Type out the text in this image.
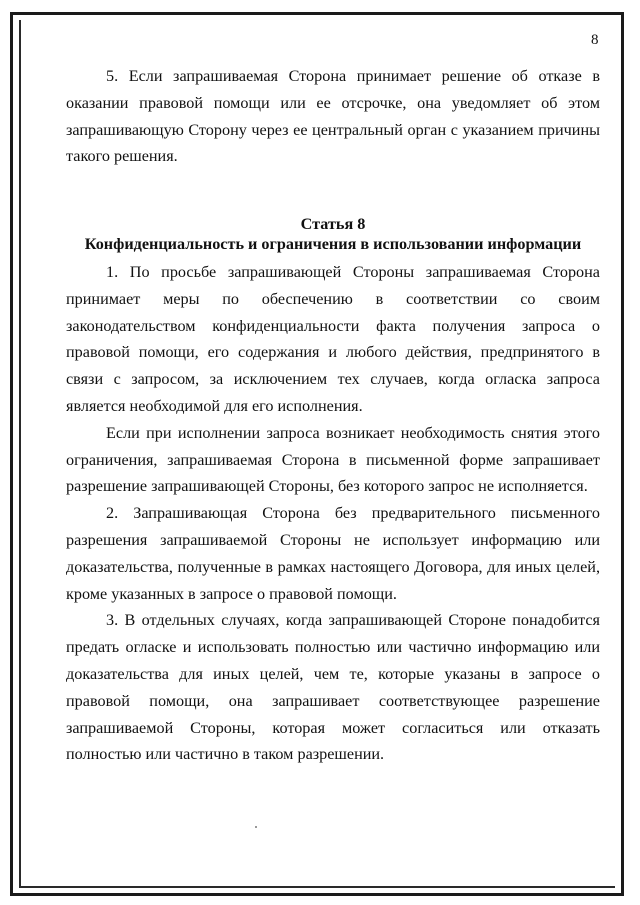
8

5. Если запрашиваемая Сторона принимает решение об отказе в оказании правовой помощи или ее отсрочке, она уведомляет об этом запрашивающую Сторону через ее центральный орган с указанием причины такого решения.

Статья 8
Конфиденциальность и ограничения в использовании информации

1. По просьбе запрашивающей Стороны запрашиваемая Сторона принимает меры по обеспечению в соответствии со своим законодательством конфиденциальности факта получения запроса о правовой помощи, его содержания и любого действия, предпринятого в связи с запросом, за исключением тех случаев, когда огласка запроса является необходимой для его исполнения.

Если при исполнении запроса возникает необходимость снятия этого ограничения, запрашиваемая Сторона в письменной форме запрашивает разрешение запрашивающей Стороны, без которого запрос не исполняется.

2. Запрашивающая Сторона без предварительного письменного разрешения запрашиваемой Стороны не использует информацию или доказательства, полученные в рамках настоящего Договора, для иных целей, кроме указанных в запросе о правовой помощи.

3. В отдельных случаях, когда запрашивающей Стороне понадобится предать огласке и использовать полностью или частично информацию или доказательства для иных целей, чем те, которые указаны в запросе о правовой помощи, она запрашивает соответствующее разрешение запрашиваемой Стороны, которая может согласиться или отказать полностью или частично в таком разрешении.
